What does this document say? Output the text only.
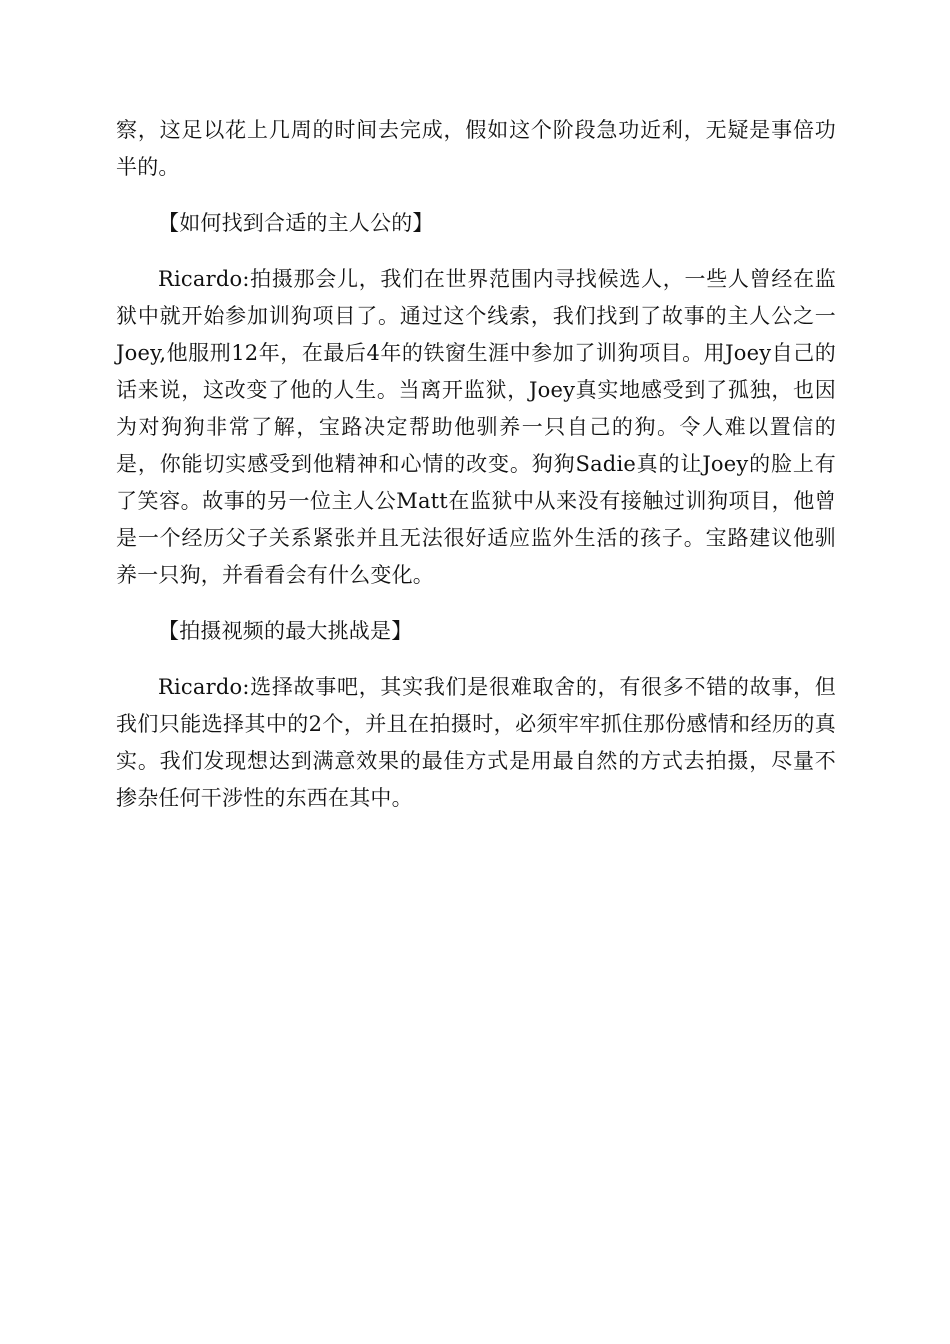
察，这足以花上几周的时间去完成，假如这个阶段急功近利，无疑是事倍功半的。

【如何找到合适的主人公的】

Ricardo:拍摄那会儿，我们在世界范围内寻找候选人，一些人曾经在监狱中就开始参加训狗项目了。通过这个线索，我们找到了故事的主人公之一Joey,他服刑12年，在最后4年的铁窗生涯中参加了训狗项目。用Joey自己的话来说，这改变了他的人生。当离开监狱，Joey真实地感受到了孤独，也因为对狗狗非常了解，宝路决定帮助他驯养一只自己的狗。令人难以置信的是，你能切实感受到他精神和心情的改变。狗狗Sadie真的让Joey的脸上有了笑容。故事的另一位主人公Matt在监狱中从来没有接触过训狗项目，他曾是一个经历父子关系紧张并且无法很好适应监外生活的孩子。宝路建议他驯养一只狗，并看看会有什么变化。

【拍摄视频的最大挑战是】

Ricardo:选择故事吧，其实我们是很难取舍的，有很多不错的故事，但我们只能选择其中的2个，并且在拍摄时，必须牢牢抓住那份感情和经历的真实。我们发现想达到满意效果的最佳方式是用最自然的方式去拍摄，尽量不掺杂任何干涉性的东西在其中。
